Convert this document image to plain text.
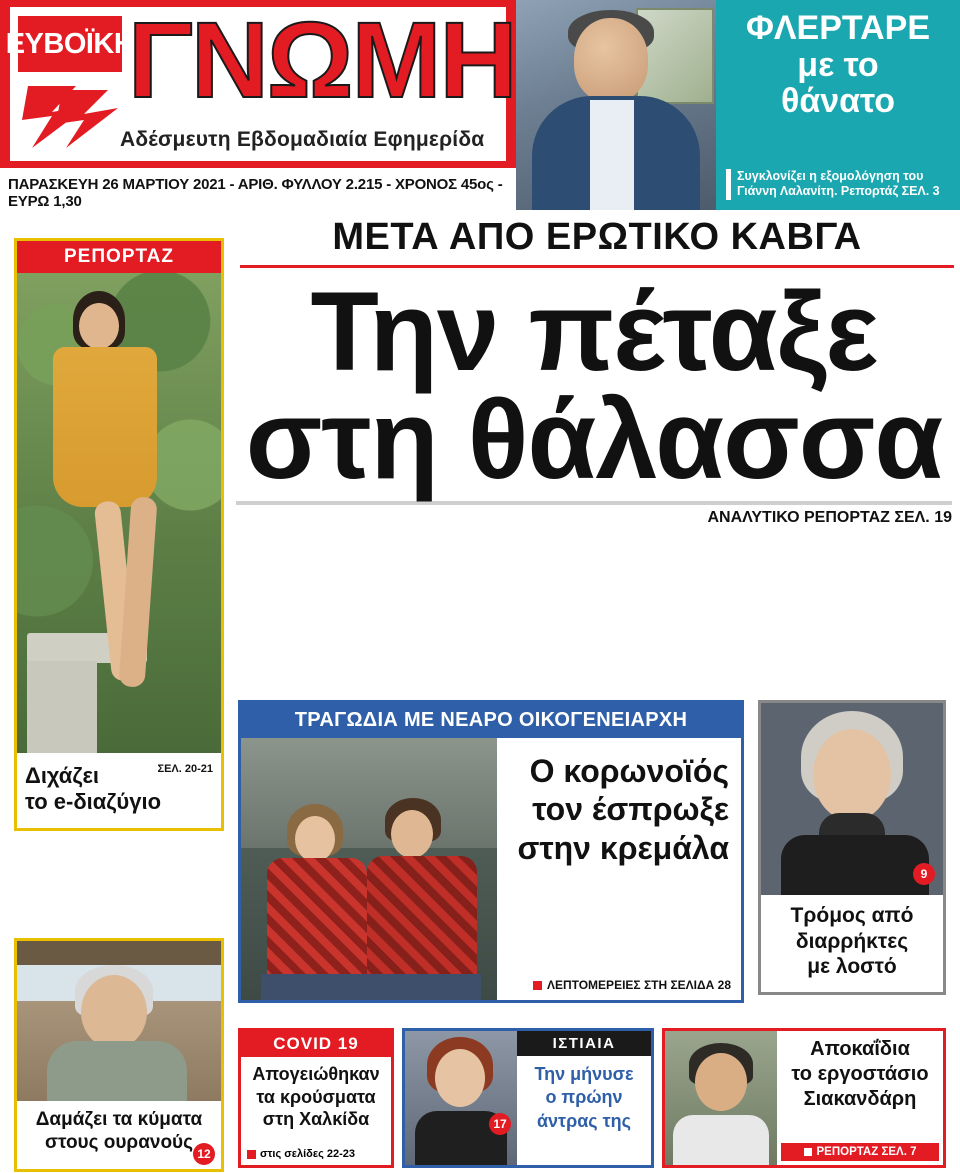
ΕΥΒΟΪΚΗ
ΓΝΩΜΗ
Αδέσμευτη Εβδομαδιαία Εφημερίδα
ΠΑΡΑΣΚΕΥΗ 26 ΜΑΡΤΙΟΥ 2021 - ΑΡΙΘ. ΦΥΛΛΟΥ 2.215 - ΧΡΟΝΟΣ 45ος - ΕΥΡΩ 1,30
ΦΛΕΡΤΑΡΕ
με το
θάνατο
Συγκλονίζει η εξομολόγηση του Γιάννη Λαλανίτη. Ρεπορτάζ ΣΕΛ. 3
ΜΕΤΑ ΑΠΟ ΕΡΩΤΙΚΟ ΚΑΒΓΑ
Την πέταξε
στη θάλασσα
ΑΝΑΛΥΤΙΚΟ ΡΕΠΟΡΤΑΖ ΣΕΛ. 19
ΡΕΠΟΡΤΑΖ
ΣΕΛ. 20-21
Διχάζει
το e-διαζύγιο
Δαμάζει τα κύματα
στους ουρανούς
12
ΤΡΑΓΩΔΙΑ ΜΕ ΝΕΑΡΟ ΟΙΚΟΓΕΝΕΙΑΡΧΗ
Ο κορωνοϊός
τον έσπρωξε
στην κρεμάλα
ΛΕΠΤΟΜΕΡΕΙΕΣ ΣΤΗ ΣΕΛΙΔΑ 28
9
Τρόμος από
διαρρήκτες
με λοστό
COVID 19
Απογειώθηκαν
τα κρούσματα
στη Χαλκίδα
στις σελίδες 22-23
17
ΙΣΤΙΑΙΑ
Την μήνυσε
ο πρώην
άντρας της
Αποκαΐδια
το εργοστάσιο
Σιακανδάρη
ΡΕΠΟΡΤΑΖ ΣΕΛ. 7
